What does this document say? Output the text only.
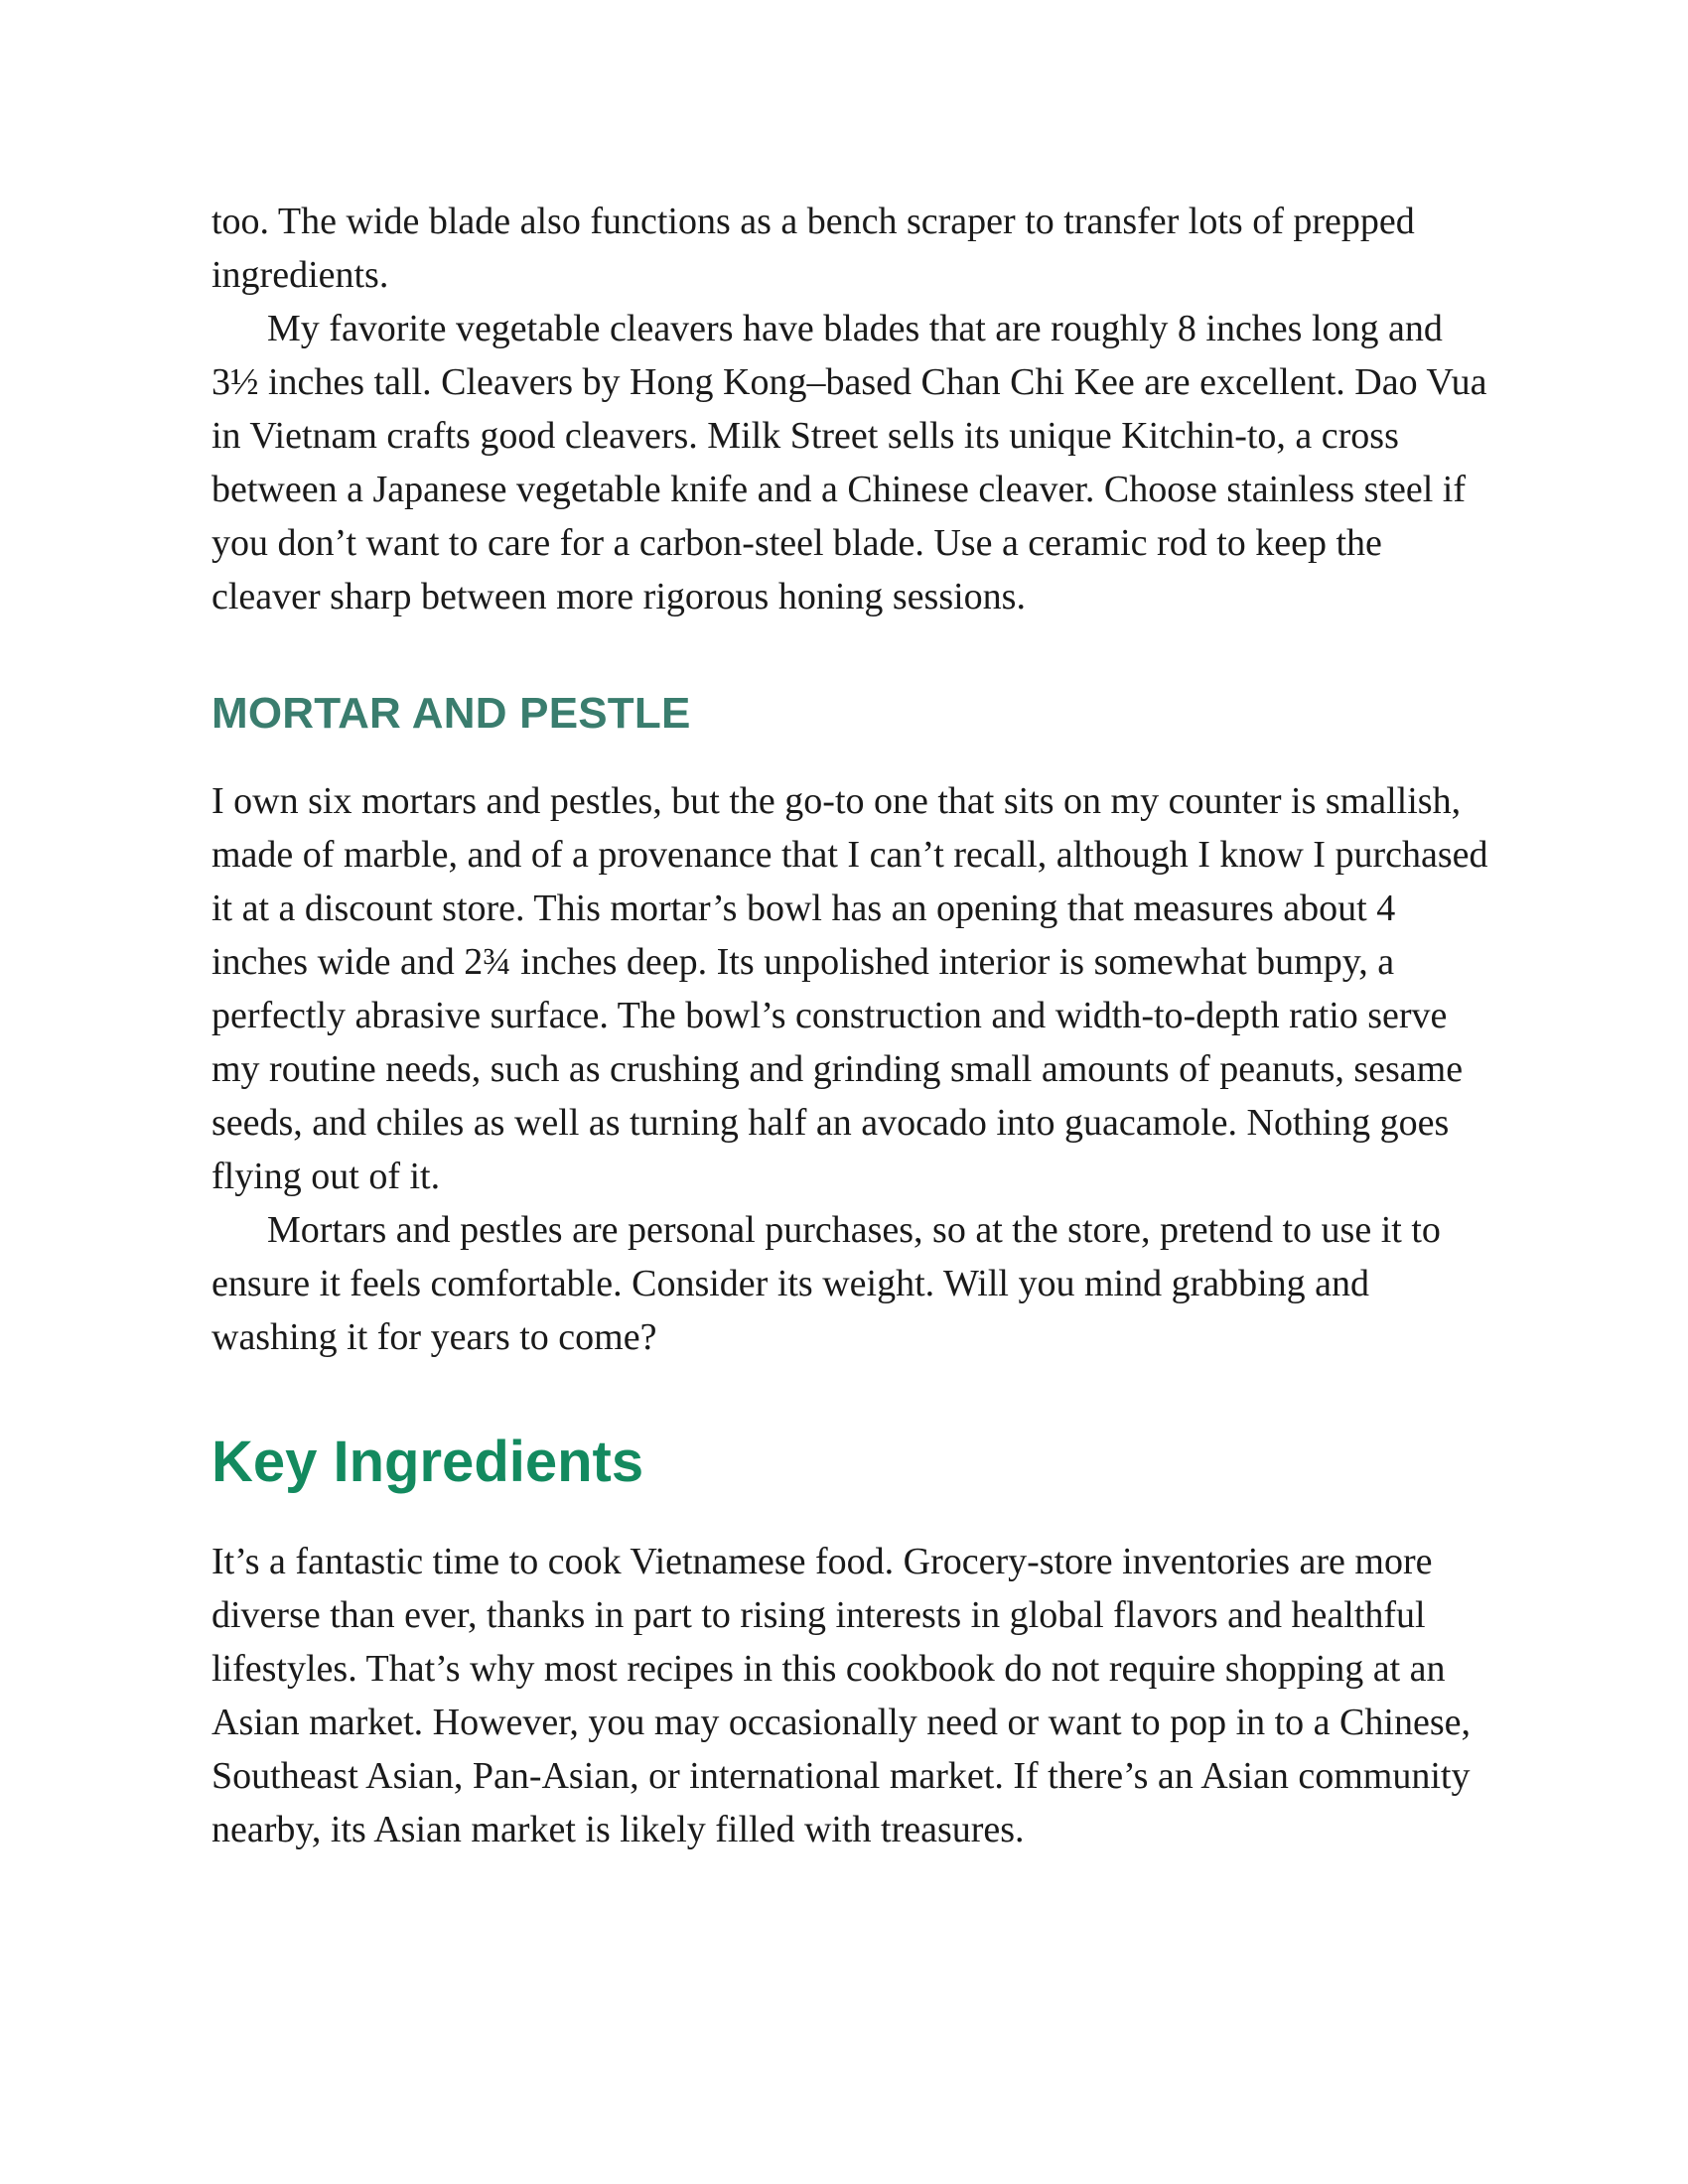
too. The wide blade also functions as a bench scraper to transfer lots of prepped ingredients.

My favorite vegetable cleavers have blades that are roughly 8 inches long and 3½ inches tall. Cleavers by Hong Kong–based Chan Chi Kee are excellent. Dao Vua in Vietnam crafts good cleavers. Milk Street sells its unique Kitchin-to, a cross between a Japanese vegetable knife and a Chinese cleaver. Choose stainless steel if you don’t want to care for a carbon-steel blade. Use a ceramic rod to keep the cleaver sharp between more rigorous honing sessions.

MORTAR AND PESTLE

I own six mortars and pestles, but the go-to one that sits on my counter is smallish, made of marble, and of a provenance that I can’t recall, although I know I purchased it at a discount store. This mortar’s bowl has an opening that measures about 4 inches wide and 2¾ inches deep. Its unpolished interior is somewhat bumpy, a perfectly abrasive surface. The bowl’s construction and width-to-depth ratio serve my routine needs, such as crushing and grinding small amounts of peanuts, sesame seeds, and chiles as well as turning half an avocado into guacamole. Nothing goes flying out of it.

Mortars and pestles are personal purchases, so at the store, pretend to use it to ensure it feels comfortable. Consider its weight. Will you mind grabbing and washing it for years to come?

Key Ingredients

It’s a fantastic time to cook Vietnamese food. Grocery-store inventories are more diverse than ever, thanks in part to rising interests in global flavors and healthful lifestyles. That’s why most recipes in this cookbook do not require shopping at an Asian market. However, you may occasionally need or want to pop in to a Chinese, Southeast Asian, Pan-Asian, or international market. If there’s an Asian community nearby, its Asian market is likely filled with treasures.
